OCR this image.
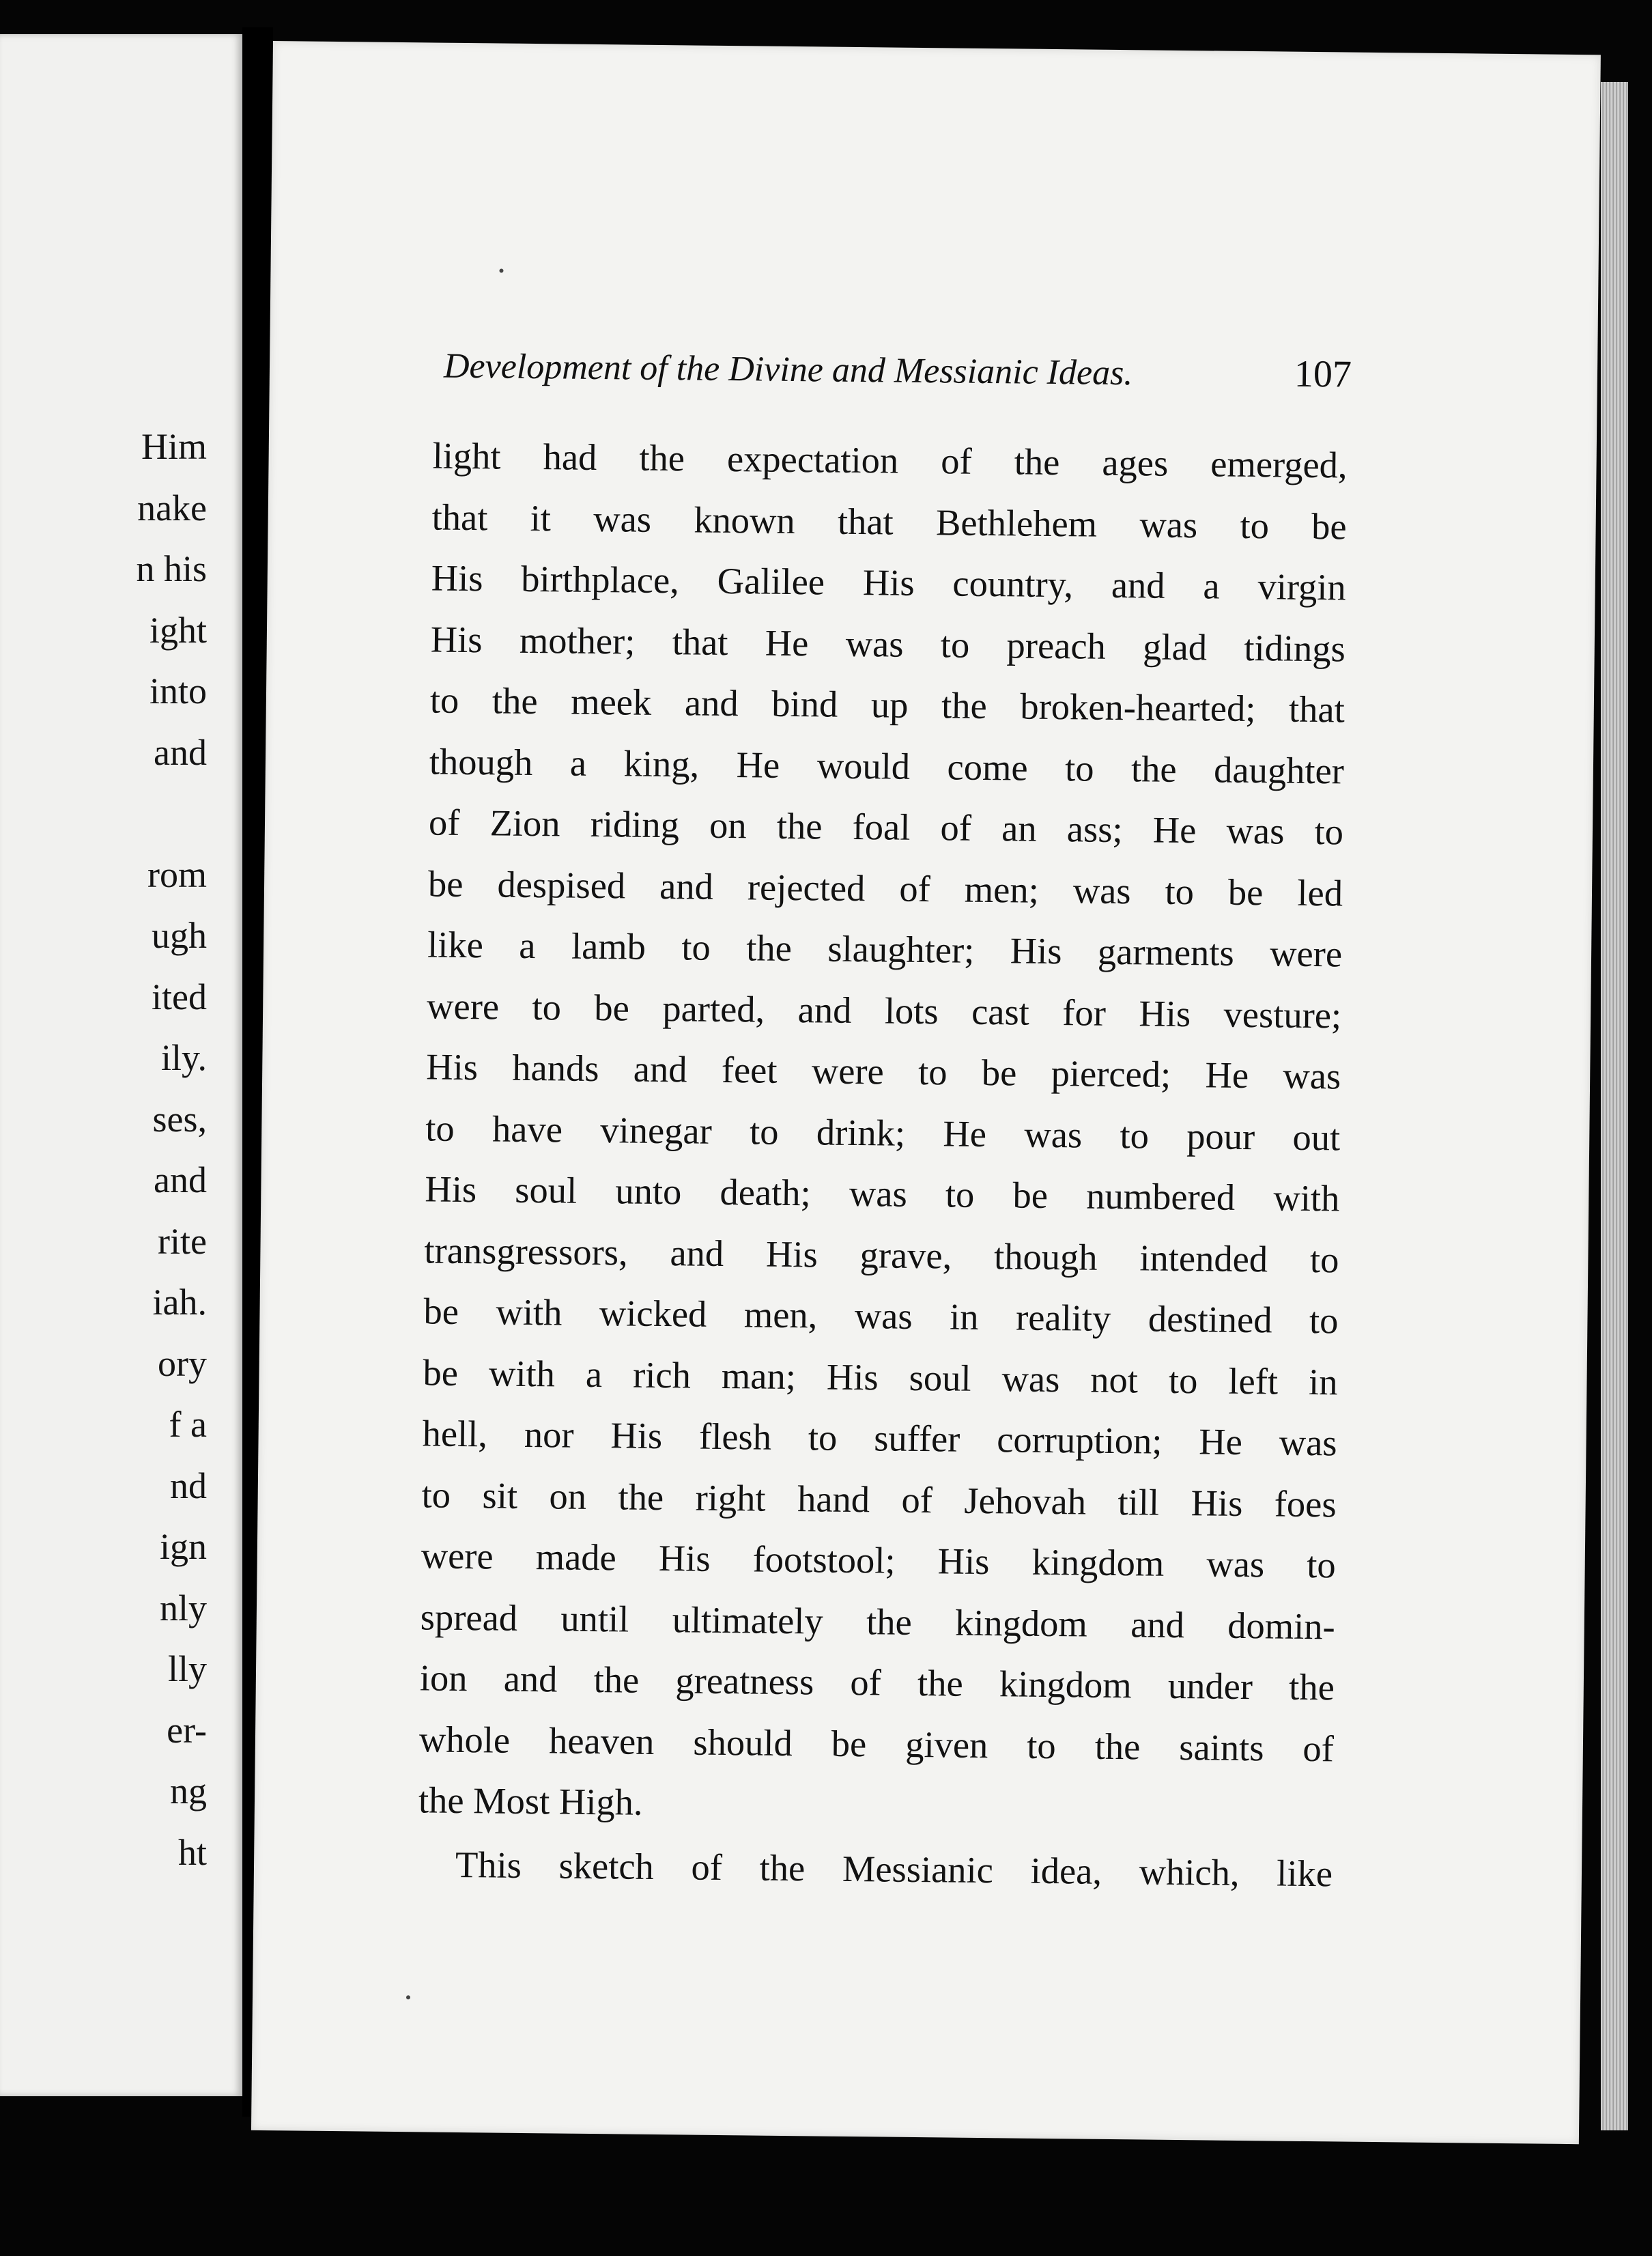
Him
nake
n his
ight
into
and
rom
ugh
ited
ily.
ses,
and
rite
iah.
ory
f a
nd
ign
nly
lly
er-
ng
ht
Development of the Divine and Messianic Ideas.	107
light had the expectation of the ages emerged,
that it was known that Bethlehem was to be
His birthplace, Galilee His country, and a virgin
His mother; that He was to preach glad tidings
to the meek and bind up the broken-hearted; that
though a king, He would come to the daughter
of Zion riding on the foal of an ass; He was to
be despised and rejected of men; was to be led
like a lamb to the slaughter; His garments were
were to be parted, and lots cast for His vesture;
His hands and feet were to be pierced; He was
to have vinegar to drink; He was to pour out
His soul unto death; was to be numbered with
transgressors, and His grave, though intended to
be with wicked men, was in reality destined to
be with a rich man; His soul was not to left in
hell, nor His flesh to suffer corruption; He was
to sit on the right hand of Jehovah till His foes
were made His footstool; His kingdom was to
spread until ultimately the kingdom and domin-
ion and the greatness of the kingdom under the
whole heaven should be given to the saints of
the Most High.
This sketch of the Messianic idea, which, like
